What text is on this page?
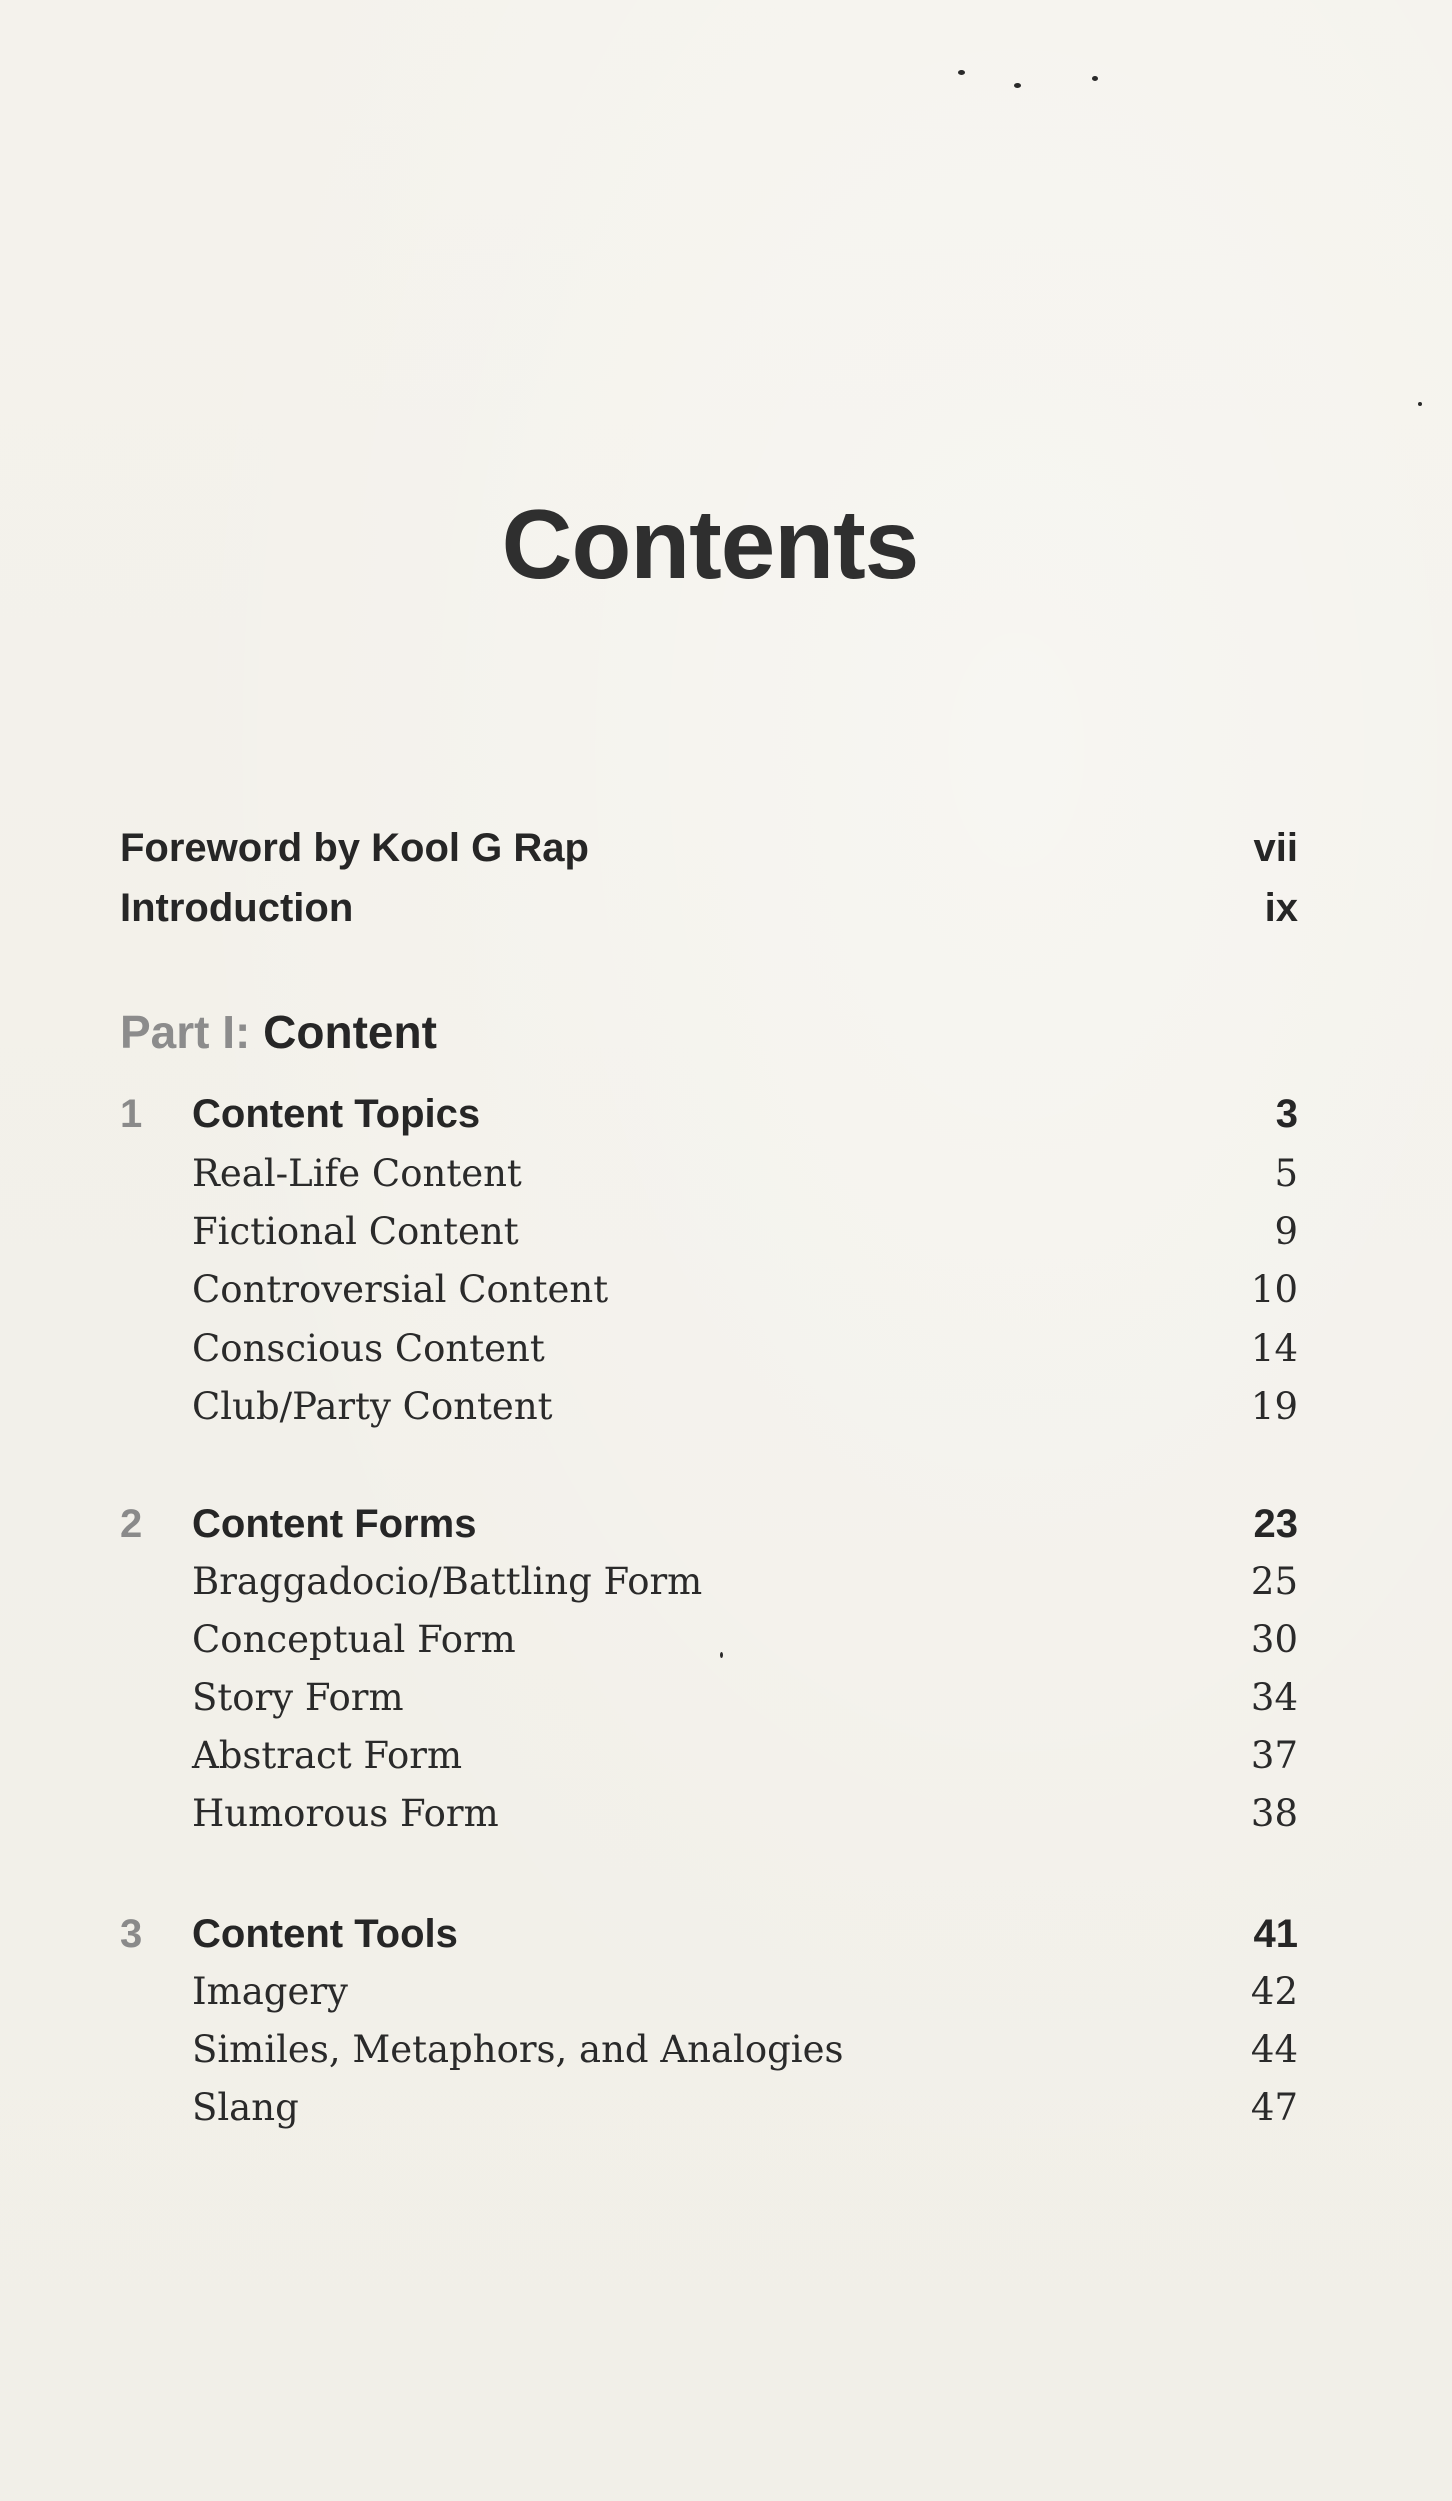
Contents
Foreword by Kool G Rap	vii
Introduction	ix
Part I: Content
1	Content Topics	3
Real-Life Content	5
Fictional Content	9
Controversial Content	10
Conscious Content	14
Club/Party Content	19
2	Content Forms	23
Braggadocio/Battling Form	25
Conceptual Form	30
Story Form	34
Abstract Form	37
Humorous Form	38
3	Content Tools	41
Imagery	42
Similes, Metaphors, and Analogies	44
Slang	47
